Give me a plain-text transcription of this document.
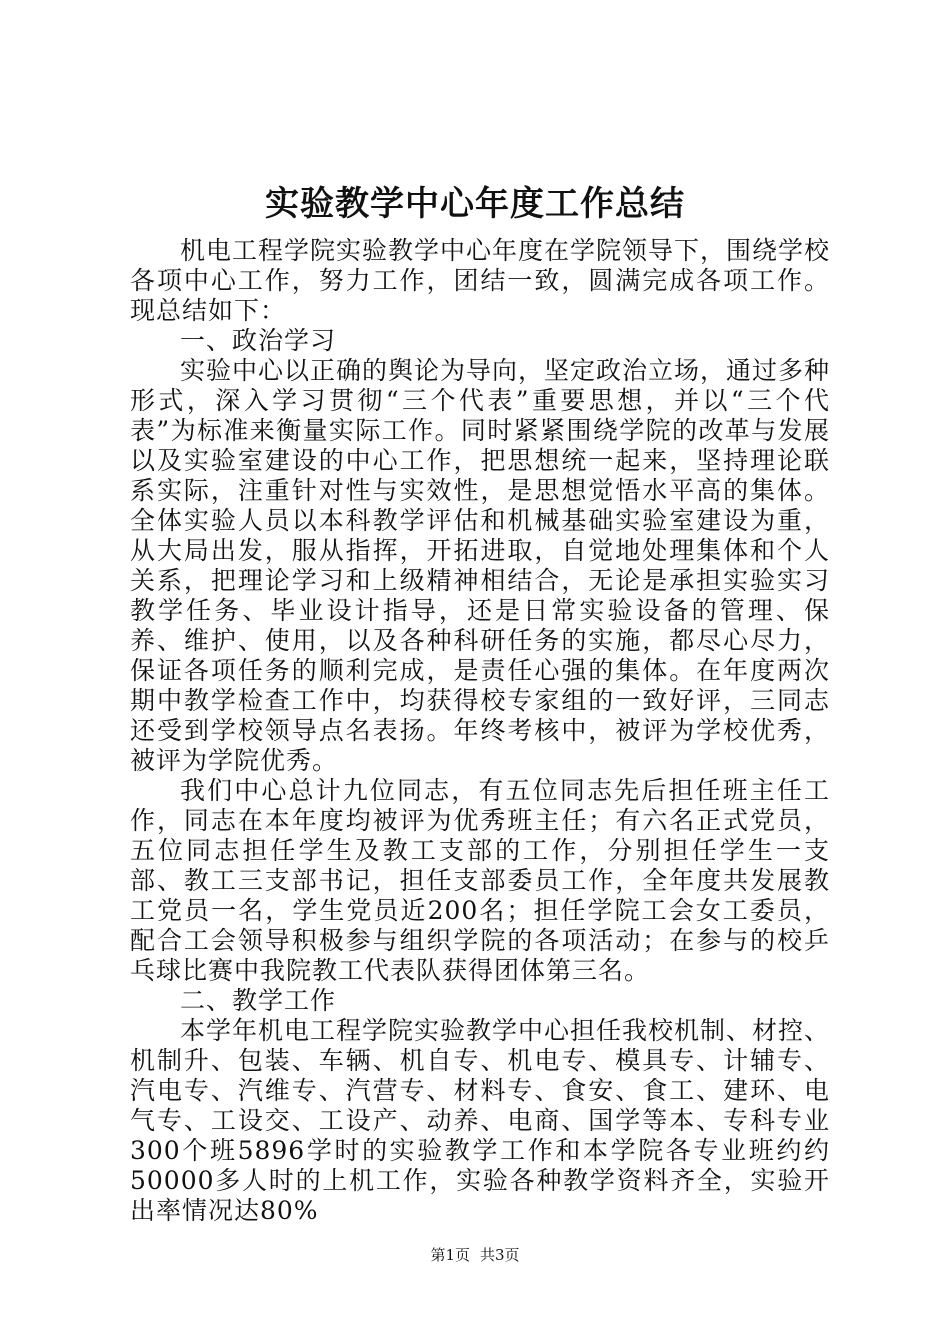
实验教学中心年度工作总结

机电工程学院实验教学中心年度在学院领导下，围绕学校各项中心工作，努力工作，团结一致，圆满完成各项工作。现总结如下：

一、政治学习

实验中心以正确的舆论为导向，坚定政治立场，通过多种形式，深入学习贯彻“三个代表”重要思想，并以“三个代表”为标准来衡量实际工作。同时紧紧围绕学院的改革与发展以及实验室建设的中心工作，把思想统一起来，坚持理论联系实际，注重针对性与实效性，是思想觉悟水平高的集体。全体实验人员以本科教学评估和机械基础实验室建设为重，从大局出发，服从指挥，开拓进取，自觉地处理集体和个人关系，把理论学习和上级精神相结合，无论是承担实验实习教学任务、毕业设计指导，还是日常实验设备的管理、保养、维护、使用，以及各种科研任务的实施，都尽心尽力，保证各项任务的顺利完成，是责任心强的集体。在年度两次期中教学检查工作中，均获得校专家组的一致好评，三同志还受到学校领导点名表扬。年终考核中，被评为学校优秀，被评为学院优秀。

我们中心总计九位同志，有五位同志先后担任班主任工作，同志在本年度均被评为优秀班主任；有六名正式党员，五位同志担任学生及教工支部的工作，分别担任学生一支部、教工三支部书记，担任支部委员工作，全年度共发展教工党员一名，学生党员近200名；担任学院工会女工委员，配合工会领导积极参与组织学院的各项活动；在参与的校乒乓球比赛中我院教工代表队获得团体第三名。

二、教学工作

本学年机电工程学院实验教学中心担任我校机制、材控、机制升、包装、车辆、机自专、机电专、模具专、计辅专、汽电专、汽维专、汽营专、材料专、食安、食工、建环、电气专、工设交、工设产、动养、电商、国学等本、专科专业300个班5896学时的实验教学工作和本学院各专业班约约50000多人时的上机工作，实验各种教学资料齐全，实验开出率情况达80%

第1页 共3页
